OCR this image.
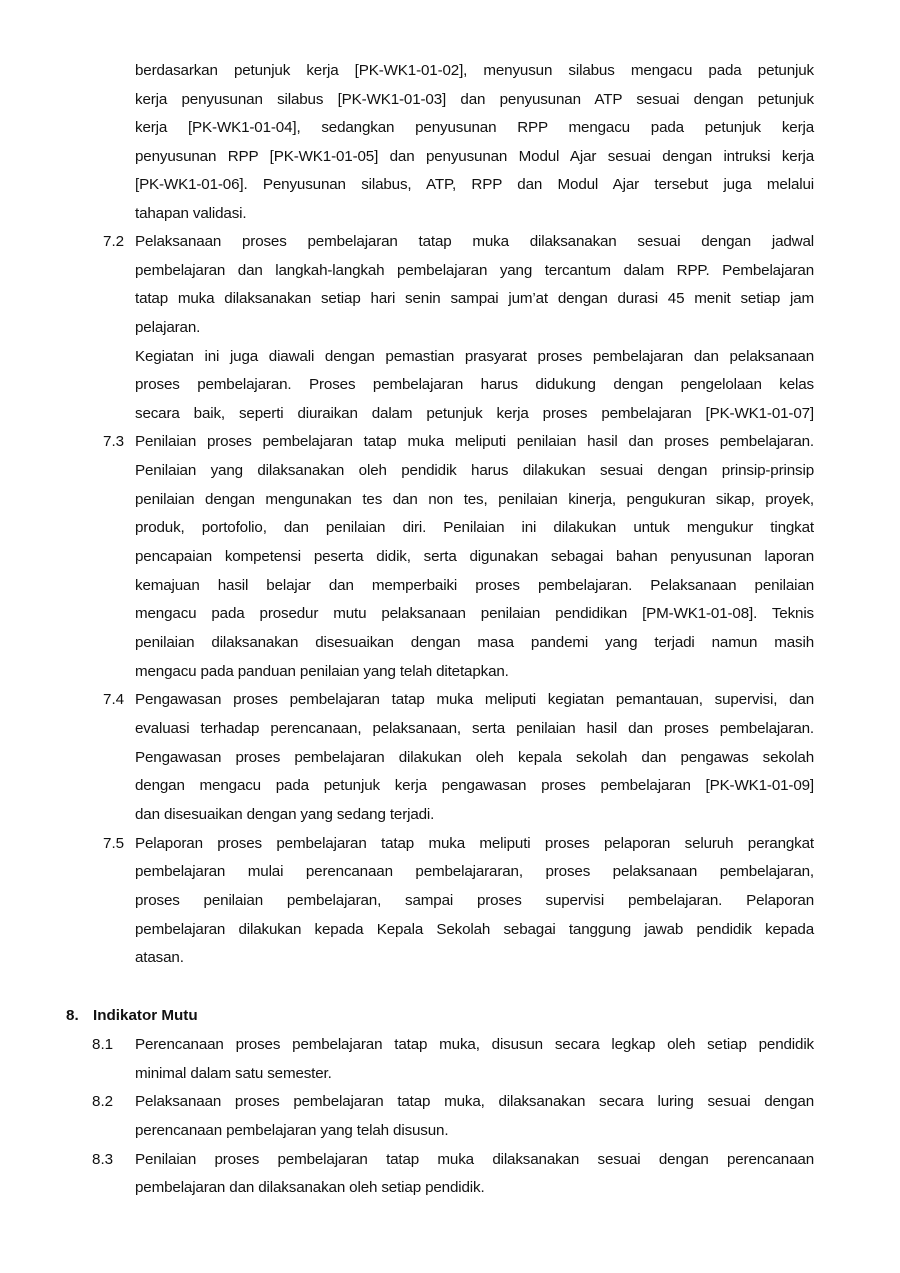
berdasarkan petunjuk kerja [PK-WK1-01-02], menyusun silabus mengacu pada petunjuk
kerja penyusunan silabus [PK-WK1-01-03] dan penyusunan ATP sesuai dengan petunjuk
kerja [PK-WK1-01-04], sedangkan penyusunan RPP mengacu pada petunjuk kerja
penyusunan RPP [PK-WK1-01-05] dan penyusunan Modul Ajar sesuai dengan intruksi kerja
[PK-WK1-01-06]. Penyusunan silabus, ATP, RPP dan Modul Ajar tersebut juga melalui
tahapan validasi.
7.2 Pelaksanaan proses pembelajaran tatap muka dilaksanakan sesuai dengan jadwal
pembelajaran dan langkah-langkah pembelajaran yang tercantum dalam RPP. Pembelajaran
tatap muka dilaksanakan setiap hari senin sampai jum’at dengan durasi 45 menit setiap jam
pelajaran.
Kegiatan ini juga diawali dengan pemastian prasyarat proses pembelajaran dan pelaksanaan
proses pembelajaran. Proses pembelajaran harus didukung dengan pengelolaan kelas
secara baik, seperti diuraikan dalam petunjuk kerja proses pembelajaran [PK-WK1-01-07]
7.3 Penilaian proses pembelajaran tatap muka meliputi penilaian hasil dan proses pembelajaran.
Penilaian yang dilaksanakan oleh pendidik harus dilakukan sesuai dengan prinsip-prinsip
penilaian dengan mengunakan tes dan non tes, penilaian kinerja, pengukuran sikap, proyek,
produk, portofolio, dan penilaian diri. Penilaian ini dilakukan untuk mengukur tingkat
pencapaian kompetensi peserta didik, serta digunakan sebagai bahan penyusunan laporan
kemajuan hasil belajar dan memperbaiki proses pembelajaran. Pelaksanaan penilaian
mengacu pada prosedur mutu pelaksanaan penilaian pendidikan [PM-WK1-01-08]. Teknis
penilaian dilaksanakan disesuaikan dengan masa pandemi yang terjadi namun masih
mengacu pada panduan penilaian yang telah ditetapkan.
7.4 Pengawasan proses pembelajaran tatap muka meliputi kegiatan pemantauan, supervisi, dan
evaluasi terhadap perencanaan, pelaksanaan, serta penilaian hasil dan proses pembelajaran.
Pengawasan proses pembelajaran dilakukan oleh kepala sekolah dan pengawas sekolah
dengan mengacu pada petunjuk kerja pengawasan proses pembelajaran [PK-WK1-01-09]
dan disesuaikan dengan yang sedang terjadi.
7.5 Pelaporan proses pembelajaran tatap muka meliputi proses pelaporan seluruh perangkat
pembelajaran mulai perencanaan pembelajararan, proses pelaksanaan pembelajaran,
proses penilaian pembelajaran, sampai proses supervisi pembelajaran. Pelaporan
pembelajaran dilakukan kepada Kepala Sekolah sebagai tanggung jawab pendidik kepada
atasan.
8. Indikator Mutu
8.1 Perencanaan proses pembelajaran tatap muka, disusun secara legkap oleh setiap pendidik
minimal dalam satu semester.
8.2 Pelaksanaan proses pembelajaran tatap muka, dilaksanakan secara luring sesuai dengan
perencanaan pembelajaran yang telah disusun.
8.3 Penilaian proses pembelajaran tatap muka dilaksanakan sesuai dengan perencanaan
pembelajaran dan dilaksanakan oleh setiap pendidik.
